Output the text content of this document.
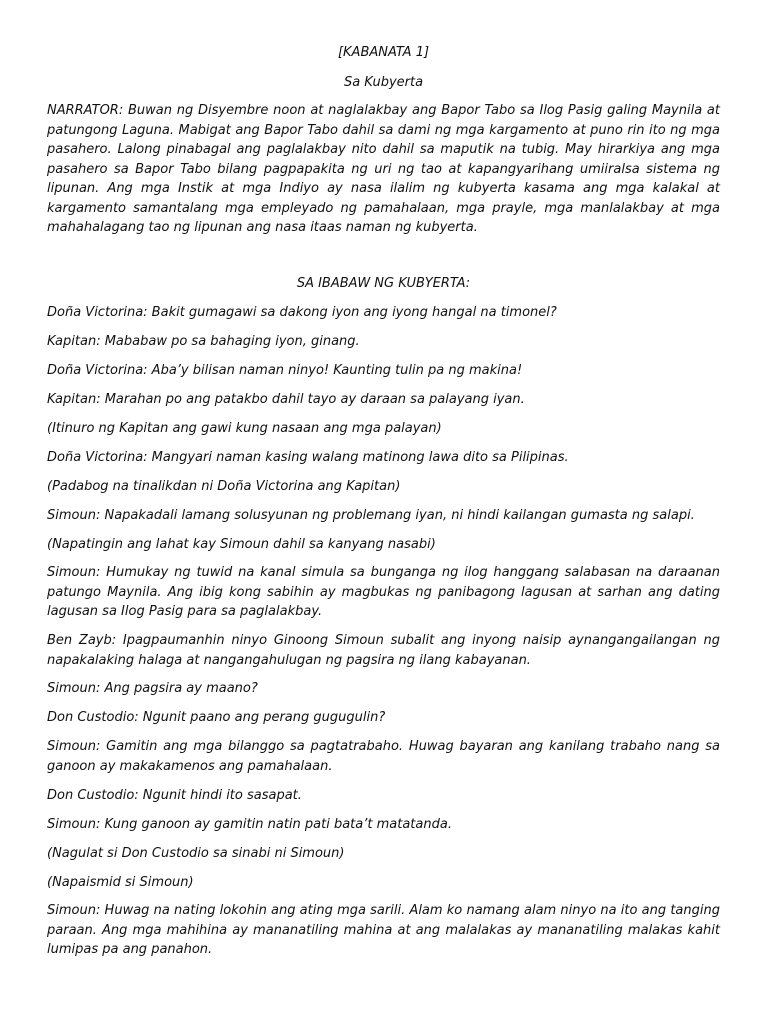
[KABANATA 1]
Sa Kubyerta
NARRATOR: Buwan ng Disyembre noon at naglalakbay ang Bapor Tabo sa Ilog Pasig galing Maynila at patungong Laguna. Mabigat ang Bapor Tabo dahil sa dami ng mga kargamento at puno rin ito ng mga pasahero. Lalong pinabagal ang paglalakbay nito dahil sa maputik na tubig. May hirarkiya ang mga pasahero sa Bapor Tabo bilang pagpapakita ng uri ng tao at kapangyarihang umiiralsa sistema ng lipunan. Ang mga Instik at mga Indiyo ay nasa ilalim ng kubyerta kasama ang mga kalakal at kargamento samantalang mga empleyado ng pamahalaan, mga prayle, mga manlalakbay at mga mahahalagang tao ng lipunan ang nasa itaas naman ng kubyerta.
SA IBABAW NG KUBYERTA:
Doña Victorina: Bakit gumagawi sa dakong iyon ang iyong hangal na timonel?
Kapitan: Mababaw po sa bahaging iyon, ginang.
Doña Victorina: Aba’y bilisan naman ninyo! Kaunting tulin pa ng makina!
Kapitan: Marahan po ang patakbo dahil tayo ay daraan sa palayang iyan.
(Itinuro ng Kapitan ang gawi kung nasaan ang mga palayan)
Doña Victorina: Mangyari naman kasing walang matinong lawa dito sa Pilipinas.
(Padabog na tinalikdan ni Doña Victorina ang Kapitan)
Simoun: Napakadali lamang solusyunan ng problemang iyan, ni hindi kailangan gumasta ng salapi.
(Napatingin ang lahat kay Simoun dahil sa kanyang nasabi)
Simoun: Humukay ng tuwid na kanal simula sa bunganga ng ilog hanggang salabasan na daraanan patungo Maynila. Ang ibig kong sabihin ay magbukas ng panibagong lagusan at sarhan ang dating lagusan sa Ilog Pasig para sa paglalakbay.
Ben Zayb: Ipagpaumanhin ninyo Ginoong Simoun subalit ang inyong naisip aynangangailangan ng napakalaking halaga at nangangahulugan ng pagsira ng ilang kabayanan.
Simoun: Ang pagsira ay maano?
Don Custodio: Ngunit paano ang perang gugugulin?
Simoun: Gamitin ang mga bilanggo sa pagtatrabaho. Huwag bayaran ang kanilang trabaho nang sa ganoon ay makakamenos ang pamahalaan.
Don Custodio: Ngunit hindi ito sasapat.
Simoun: Kung ganoon ay gamitin natin pati bata’t matatanda.
(Nagulat si Don Custodio sa sinabi ni Simoun)
(Napaismid si Simoun)
Simoun: Huwag na nating lokohin ang ating mga sarili. Alam ko namang alam ninyo na ito ang tanging paraan. Ang mga mahihina ay mananatiling mahina at ang malalakas ay mananatiling malakas kahit lumipas pa ang panahon.
